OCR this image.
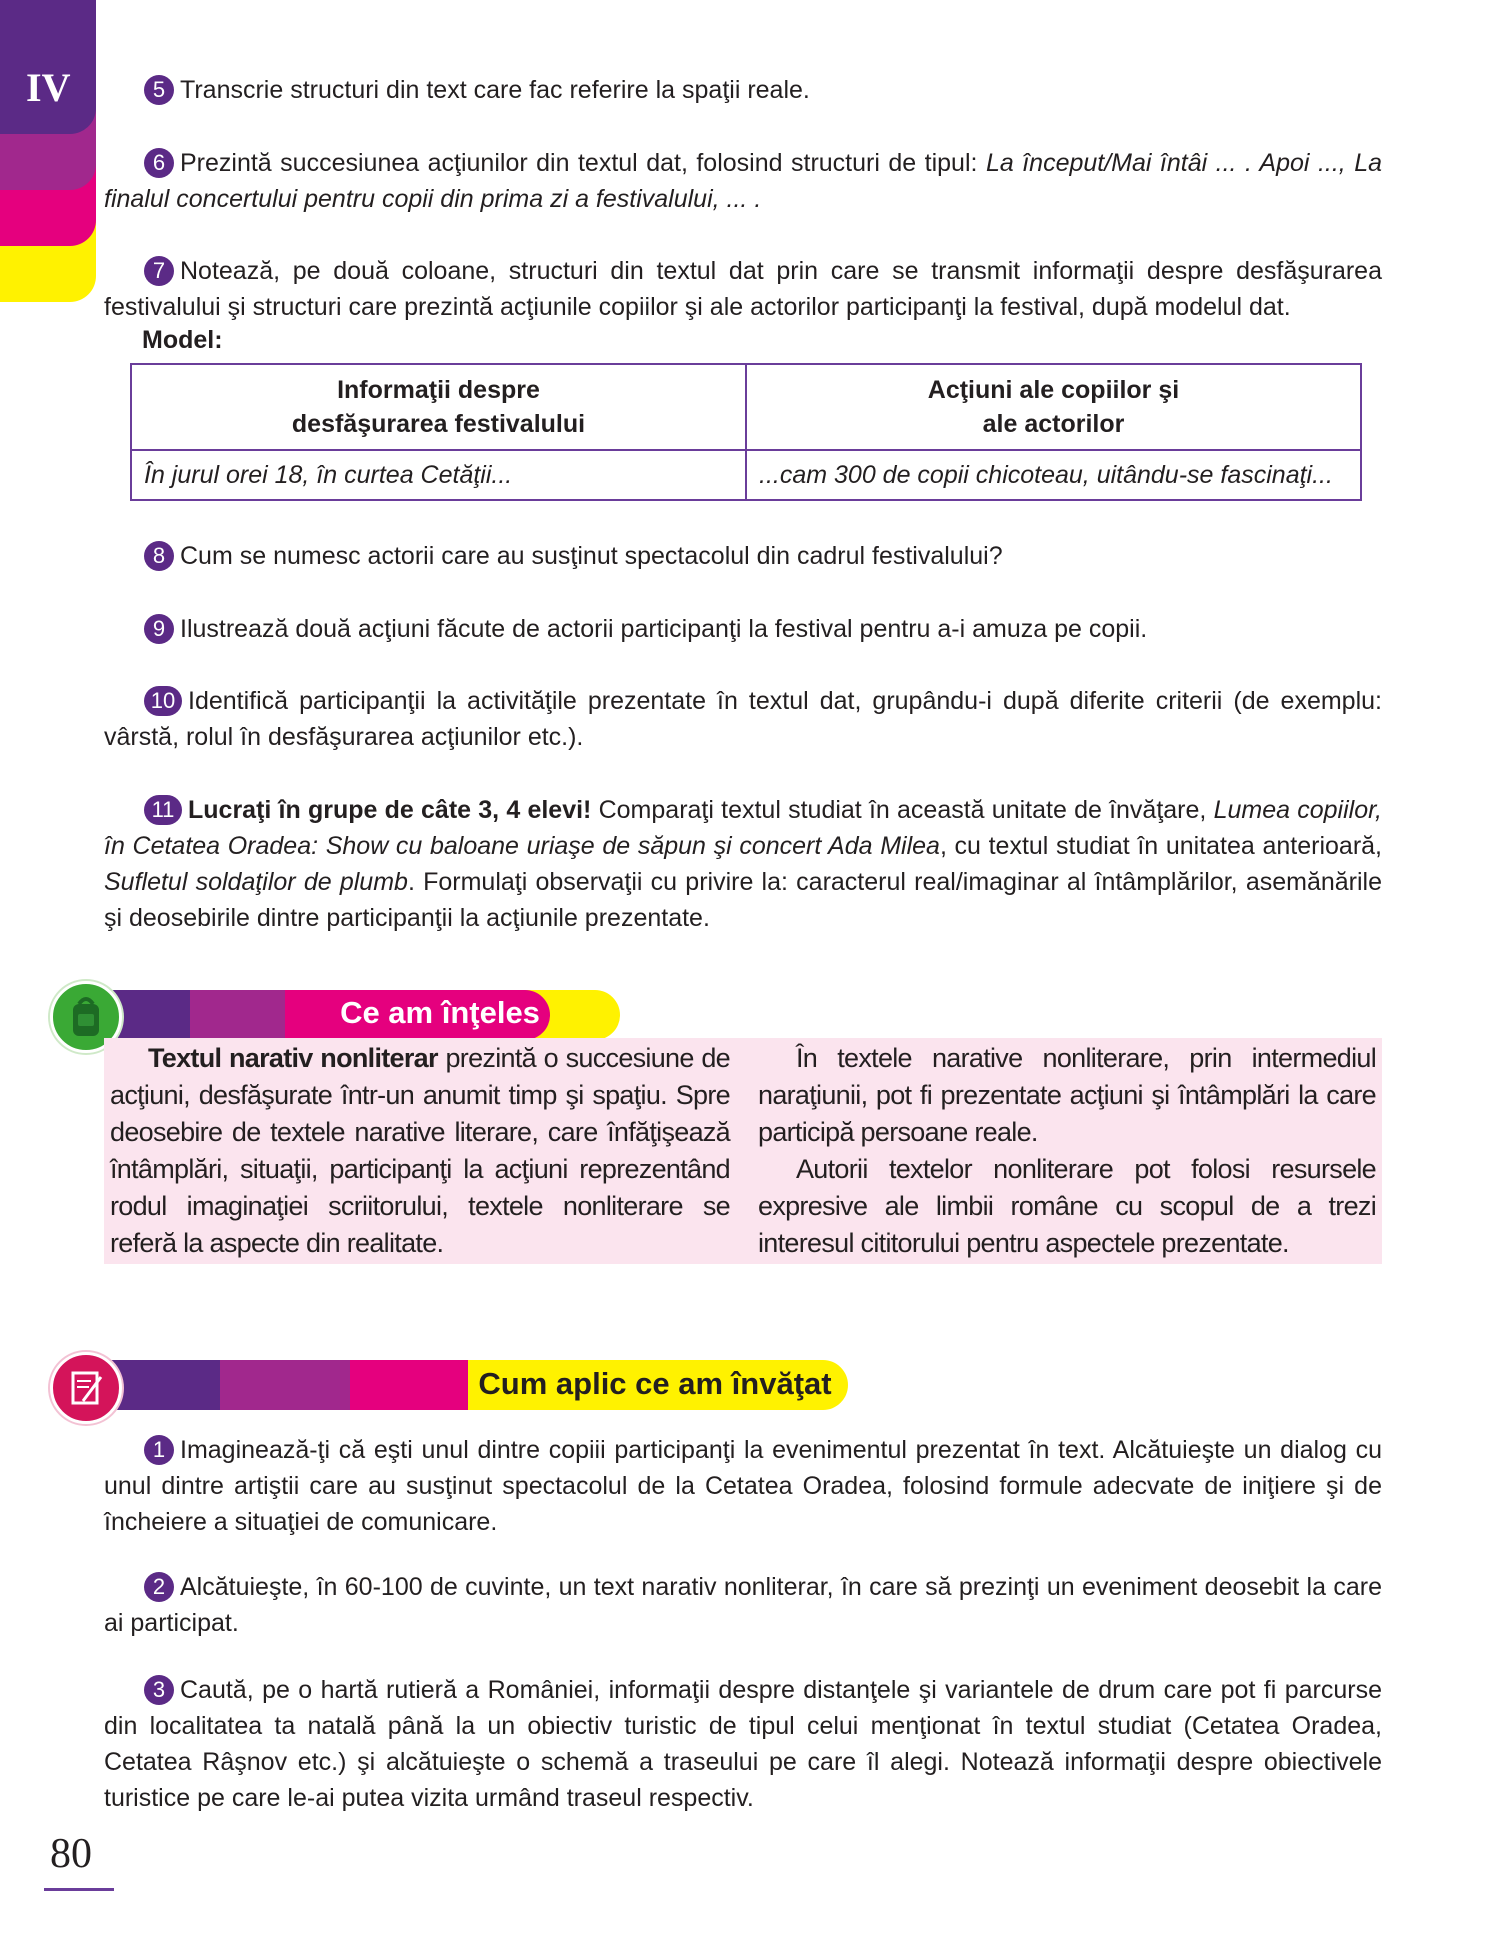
IV	5 Transcrie structuri din text care fac referire la spaţii reale.

6 Prezintă succesiunea acţiunilor din textul dat, folosind structuri de tipul: La început/Mai întâi ... . Apoi ..., La finalul concertului pentru copii din prima zi a festivalului, ... .

7 Notează, pe două coloane, structuri din textul dat prin care se transmit informaţii despre desfăşurarea festivalului şi structuri care prezintă acţiunile copiilor şi ale actorilor participanţi la festival, după modelul dat.

Model:
Informaţii despre desfăşurarea festivalului	Acţiuni ale copiilor şi ale actorilor
În jurul orei 18, în curtea Cetăţii...	...cam 300 de copii chicoteau, uitându-se fascinaţi...

8 Cum se numesc actorii care au susţinut spectacolul din cadrul festivalului?

9 Ilustrează două acţiuni făcute de actorii participanţi la festival pentru a-i amuza pe copii.

10 Identifică participanţii la activităţile prezentate în textul dat, grupându-i după diferite criterii (de exemplu: vârstă, rolul în desfăşurarea acţiunilor etc.).

11 Lucraţi în grupe de câte 3, 4 elevi! Comparaţi textul studiat în această unitate de învăţare, Lumea copiilor, în Cetatea Oradea: Show cu baloane uriaşe de săpun şi concert Ada Milea, cu textul studiat în unitatea anterioară, Sufletul soldaţilor de plumb. Formulaţi observaţii cu privire la: caracterul real/imaginar al întâmplărilor, asemănările şi deosebirile dintre participanţii la acţiunile prezentate.

Ce am înţeles

Textul narativ nonliterar prezintă o succesiune de acţiuni, desfăşurate într-un anumit timp şi spaţiu. Spre deosebire de textele narative literare, care înfăţişează întâmplări, situaţii, participanţi la acţiuni reprezentând rodul imaginaţiei scriitorului, textele nonliterare se referă la aspecte din realitate.

În textele narative nonliterare, prin intermediul naraţiunii, pot fi prezentate acţiuni şi întâmplări la care participă persoane reale.

Autorii textelor nonliterare pot folosi resursele expresive ale limbii române cu scopul de a trezi interesul cititorului pentru aspectele prezentate.

Cum aplic ce am învăţat

1 Imaginează-ţi că eşti unul dintre copiii participanţi la evenimentul prezentat în text. Alcătuieşte un dialog cu unul dintre artiştii care au susţinut spectacolul de la Cetatea Oradea, folosind formule adecvate de iniţiere şi de încheiere a situaţiei de comunicare.

2 Alcătuieşte, în 60-100 de cuvinte, un text narativ nonliterar, în care să prezinţi un eveniment deosebit la care ai participat.

3 Caută, pe o hartă rutieră a României, informaţii despre distanţele şi variantele de drum care pot fi parcurse din localitatea ta natală până la un obiectiv turistic de tipul celui menţionat în textul studiat (Cetatea Oradea, Cetatea Râşnov etc.) şi alcătuieşte o schemă a traseului pe care îl alegi. Notează informaţii despre obiectivele turistice pe care le-ai putea vizita urmând traseul respectiv.

80
